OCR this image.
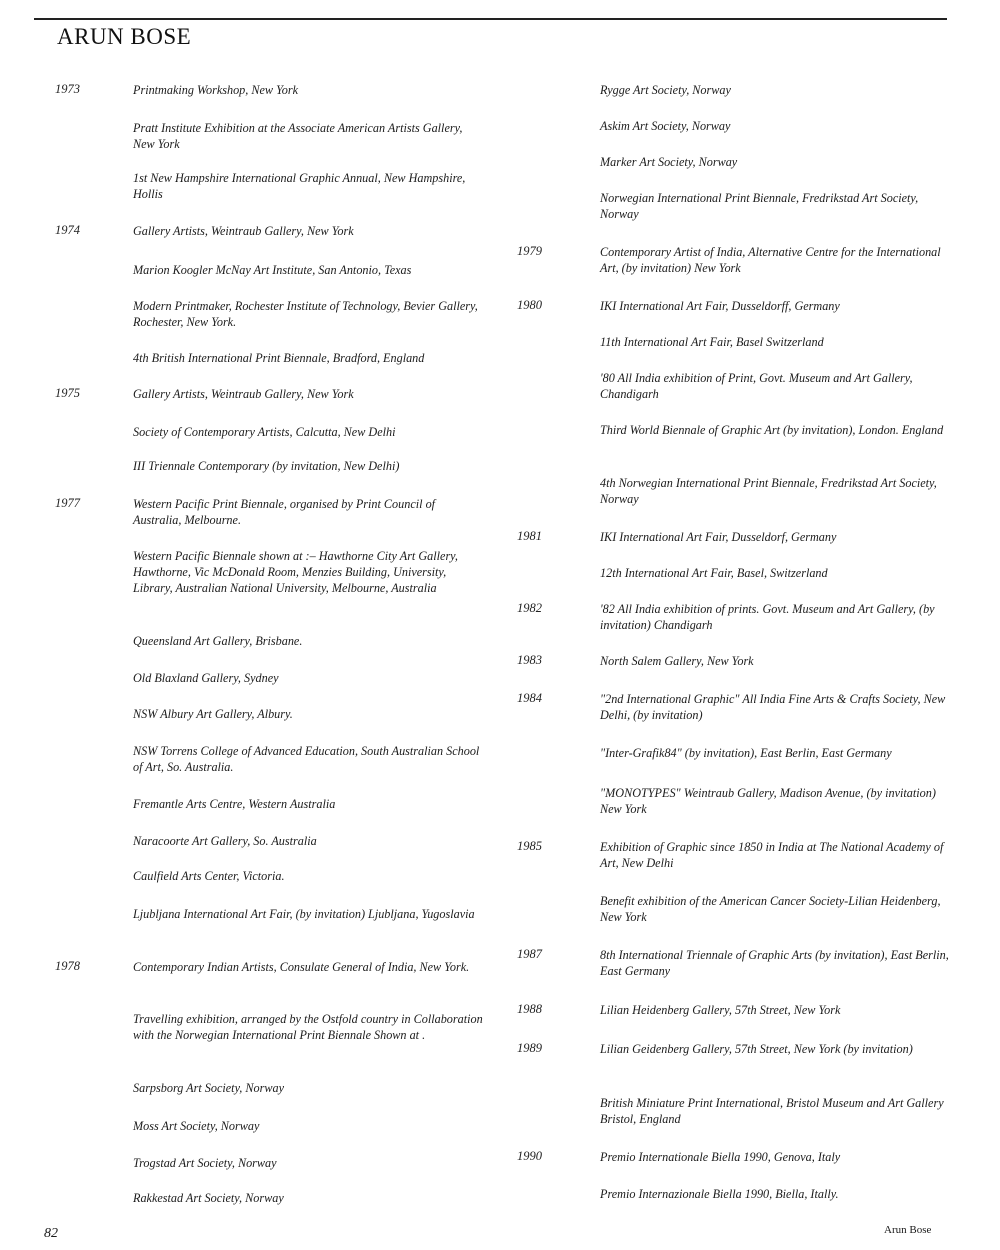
ARUN BOSE
1973	Printmaking Workshop, New York
Pratt Institute Exhibition at the Associate American Artists Gallery, New York
1st New Hampshire International Graphic Annual, New Hampshire, Hollis
1974	Gallery Artists, Weintraub Gallery, New York
Marion Koogler McNay Art Institute, San Antonio, Texas
Modern Printmaker, Rochester Institute of Technology, Bevier Gallery, Rochester, New York.
4th British International Print Biennale, Bradford, England
1975	Gallery Artists, Weintraub Gallery, New York
Society of Contemporary Artists, Calcutta, New Delhi
III Triennale Contemporary (by invitation, New Delhi)
1977	Western Pacific Print Biennale, organised by Print Council of Australia, Melbourne.
Western Pacific Biennale shown at :– Hawthorne City Art Gallery, Hawthorne, Vic McDonald Room, Menzies Building, University, Library, Australian National University, Melbourne, Australia
Queensland Art Gallery, Brisbane.
Old Blaxland Gallery, Sydney
NSW Albury Art Gallery, Albury.
NSW Torrens College of Advanced Education, South Australian School of Art, So. Australia.
Fremantle Arts Centre, Western Australia
Naracoorte Art Gallery, So. Australia
Caulfield Arts Center, Victoria.
Ljubljana International Art Fair, (by invitation) Ljubljana, Yugoslavia
1978	Contemporary Indian Artists, Consulate General of India, New York.
Travelling exhibition, arranged by the Ostfold country in Collaboration with the Norwegian International Print Biennale Shown at .
Sarpsborg Art Society, Norway
Moss Art Society, Norway
Trogstad Art Society, Norway
Rakkestad Art Society, Norway
Rygge Art Society, Norway
Askim Art Society, Norway
Marker Art Society, Norway
Norwegian International Print Biennale, Fredrikstad Art Society, Norway
1979	Contemporary Artist of India, Alternative Centre for the International Art, (by invitation) New York
1980	IKI International Art Fair, Dusseldorff, Germany
11th International Art Fair, Basel Switzerland
'80 All India exhibition of Print, Govt. Museum and Art Gallery, Chandigarh
Third World Biennale of Graphic Art (by invitation), London. England
4th Norwegian International Print Biennale, Fredrikstad Art Society, Norway
1981	IKI International Art Fair, Dusseldorf, Germany
12th International Art Fair, Basel, Switzerland
1982	'82 All India exhibition of prints. Govt. Museum and Art Gallery, (by invitation) Chandigarh
1983	North Salem Gallery, New York
1984	"2nd International Graphic" All India Fine Arts & Crafts Society, New Delhi, (by invitation)
"Inter-Grafik84" (by invitation), East Berlin, East Germany
"MONOTYPES" Weintraub Gallery, Madison Avenue, (by invitation) New York
1985	Exhibition of Graphic since 1850 in India at The National Academy of Art, New Delhi
Benefit exhibition of the American Cancer Society-Lilian Heidenberg, New York
1987	8th International Triennale of Graphic Arts (by invitation), East Berlin, East Germany
1988	Lilian Heidenberg Gallery, 57th Street, New York
1989	Lilian Geidenberg Gallery, 57th Street, New York (by invitation)
British Miniature Print International, Bristol Museum and Art Gallery Bristol, England
1990	Premio Internationale Biella 1990, Genova, Italy
Premio Internazionale Biella 1990, Biella, Itally.
82	Arun Bose
